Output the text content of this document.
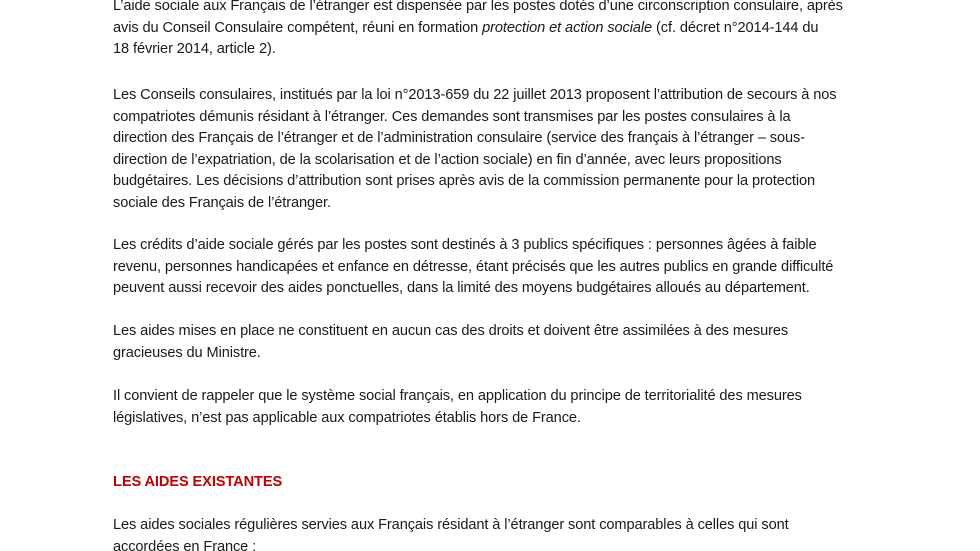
L’aide sociale aux Français de l’étranger est dispensée par les postes dotés d’une circonscription consulaire, après
avis du Conseil Consulaire compétent, réuni en formation protection et action sociale (cf. décret n°2014-144 du
18 février 2014, article 2).

Les Conseils consulaires, institués par la loi n°2013-659 du 22 juillet 2013 proposent l’attribution de secours à nos
compatriotes démunis résidant à l’étranger. Ces demandes sont transmises par les postes consulaires à la
direction des Français de l’étranger et de l’administration consulaire (service des français à l’étranger – sous-
direction de l’expatriation, de la scolarisation et de l’action sociale) en fin d’année, avec leurs propositions
budgétaires. Les décisions d’attribution sont prises après avis de la commission permanente pour la protection
sociale des Français de l’étranger.

Les crédits d’aide sociale gérés par les postes sont destinés à 3 publics spécifiques : personnes âgées à faible
revenu, personnes handicapées et enfance en détresse, étant précisés que les autres publics en grande difficulté
peuvent aussi recevoir des aides ponctuelles, dans la limité des moyens budgétaires alloués au département.

Les aides mises en place ne constituent en aucun cas des droits et doivent être assimilées à des mesures
gracieuses du Ministre.

Il convient de rappeler que le système social français, en application du principe de territorialité des mesures
législatives, n’est pas applicable aux compatriotes établis hors de France.

LES AIDES EXISTANTES

Les aides sociales régulières servies aux Français résidant à l’étranger sont comparables à celles qui sont
accordées en France :
